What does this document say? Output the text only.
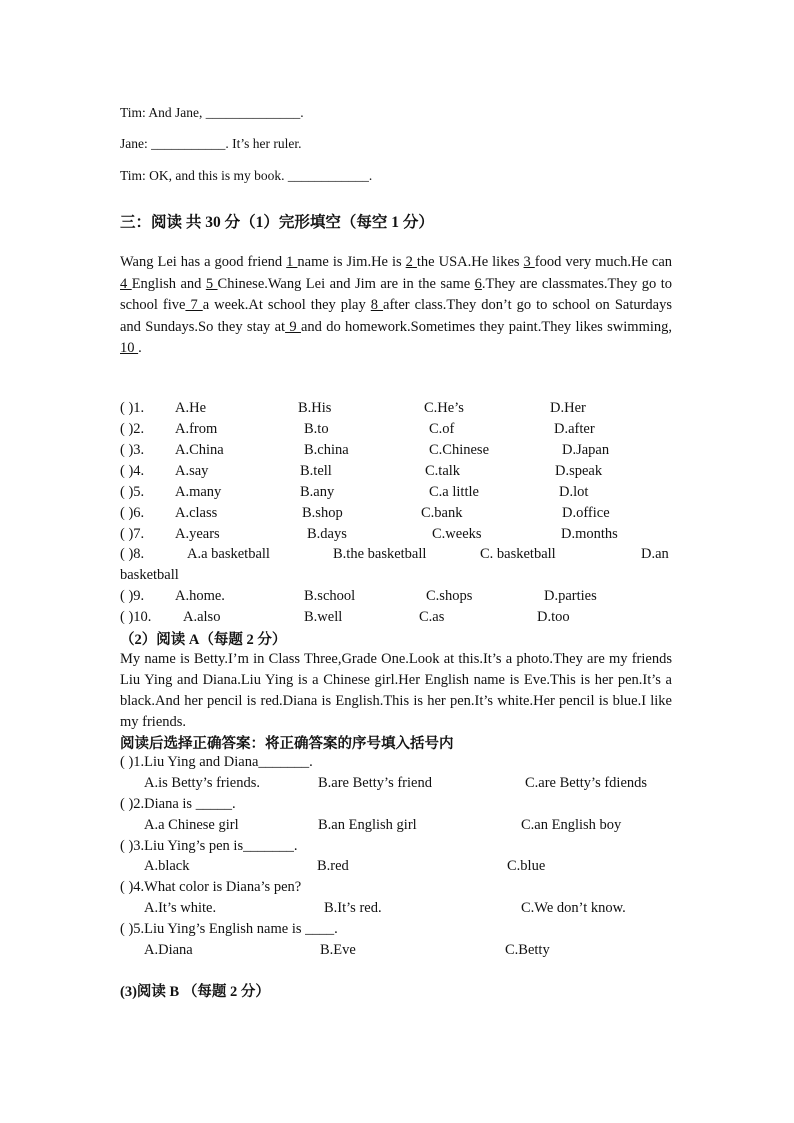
Tim: And Jane, ______________.
Jane: ___________. It’s her ruler.
Tim: OK, and this is my book. ____________.
三：阅读 共 30 分（1）完形填空（每空 1 分）
Wang Lei has a good friend 1 name is Jim.He is 2 the USA.He likes 3 food very much.He can 4 English and 5 Chinese.Wang Lei and Jim are in the same 6.They are classmates.They go to school five 7 a week.At school they play 8 after class.They don’t go to school on Saturdays and Sundays.So they stay at 9 and do homework.Sometimes they paint.They likes swimming, 10 .
( )1. A.He	B.His	C.He’s	D.Her
( )2. A.from	B.to	C.of	D.after
( )3. A.China	B.china	C.Chinese	D.Japan
( )4. A.say	B.tell	C.talk	D.speak
( )5. A.many	B.any	C.a little	D.lot
( )6. A.class	B.shop	C.bank	D.office
( )7. A.years	B.days	C.weeks	D.months
( )8.	A.a basketball	B.the basketball	C. basketball	D.an
basketball
( )9. A.home.	B.school	C.shops	D.parties
( )10. A.also	B.well	C.as	D.too
（2）阅读 A（每题 2 分）
My name is Betty.I’m in Class Three,Grade One.Look at this.It’s a photo.They are my friends Liu Ying and Diana.Liu Ying is a Chinese girl.Her English name is Eve.This is her pen.It’s a black.And her pencil is red.Diana is English.This is her pen.It’s white.Her pencil is blue.I like my friends.
阅读后选择正确答案：将正确答案的序号填入括号内
( )1.Liu Ying and Diana_______.
A.is Betty’s friends.	B.are Betty’s friend	C.are Betty’s fdiends
( )2.Diana is _____.
A.a Chinese girl	B.an English girl	C.an English boy
( )3.Liu Ying’s pen is_______.
A.black	B.red	C.blue
( )4.What color is Diana’s pen?
A.It’s white.	B.It’s red.	C.We don’t know.
( )5.Liu Ying’s English name is ____.
A.Diana	B.Eve	C.Betty
(3)阅读 B （每题 2 分）
